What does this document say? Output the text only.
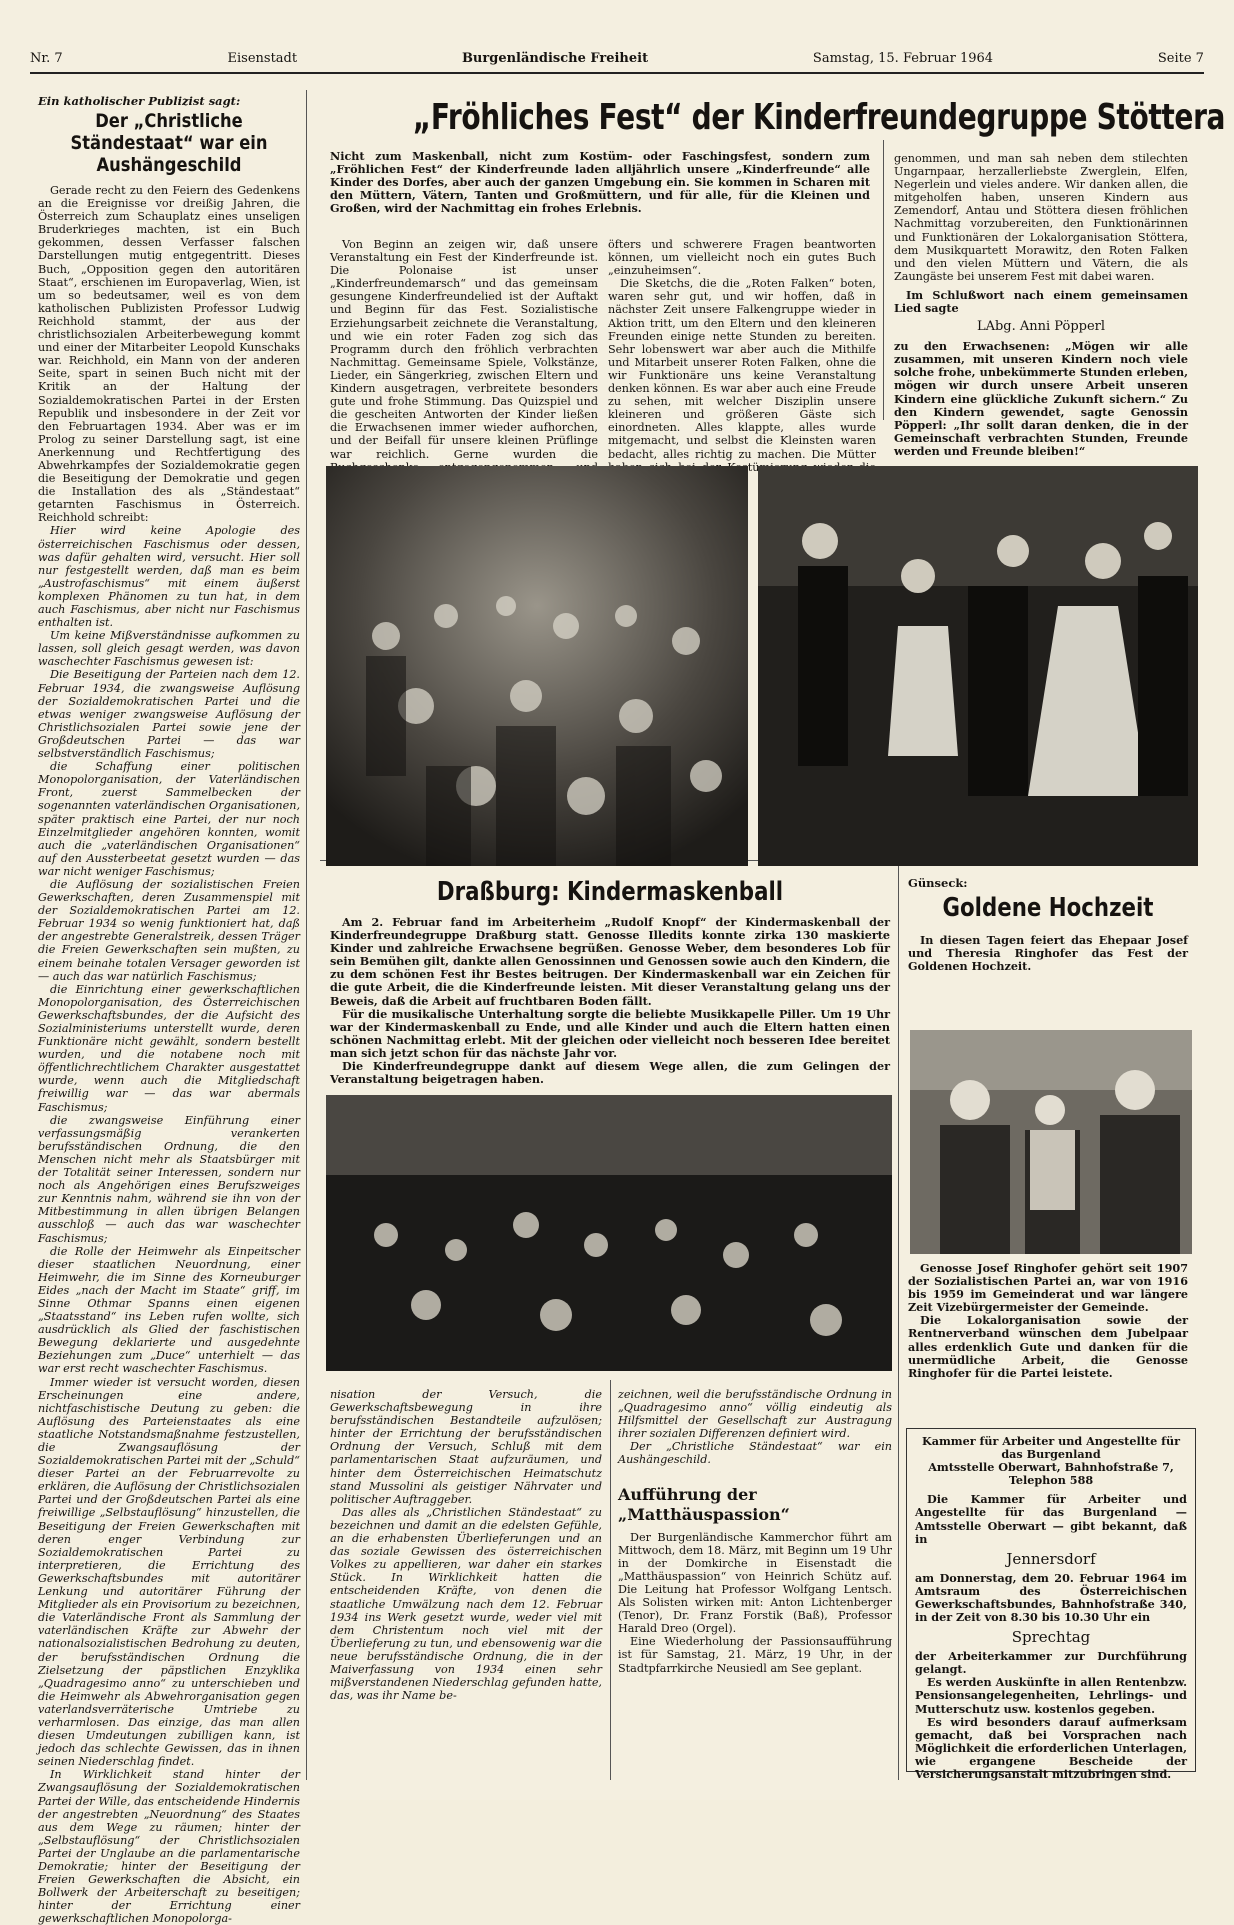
Nr. 7	Eisenstadt	Burgenländische Freiheit	Samstag, 15. Februar 1964	Seite 7

Ein katholischer Publizist sagt:

Der „Christliche Ständestaat“ war ein Aushängeschild

Gerade recht zu den Feiern des Gedenkens an die Ereignisse vor dreißig Jahren, die Österreich zum Schauplatz eines unseligen Bruderkrieges machten, ist ein Buch gekommen, dessen Verfasser falschen Darstellungen mutig entgegentritt. Dieses Buch, „Opposition gegen den autoritären Staat“, erschienen im Europaverlag, Wien, ist um so bedeutsamer, weil es von dem katholischen Publizisten Professor Ludwig Reichhold stammt, der aus der christlichsozialen Arbeiterbewegung kommt und einer der Mitarbeiter Leopold Kunschaks war. Reichhold, ein Mann von der anderen Seite, spart in seinen Buch nicht mit der Kritik an der Haltung der Sozialdemokratischen Partei in der Ersten Republik und insbesondere in der Zeit vor den Februartagen 1934. Aber was er im Prolog zu seiner Darstellung sagt, ist eine Anerkennung und Rechtfertigung des Abwehrkampfes der Sozialdemokratie gegen die Beseitigung der Demokratie und gegen die Installation des als „Ständestaat“ getarnten Faschismus in Österreich. Reichhold schreibt:

Hier wird keine Apologie des österreichischen Faschismus oder dessen, was dafür gehalten wird, versucht. Hier soll nur festgestellt werden, daß man es beim „Austrofaschismus“ mit einem äußerst komplexen Phänomen zu tun hat, in dem auch Faschismus, aber nicht nur Faschismus enthalten ist.

Um keine Mißverständnisse aufkommen zu lassen, soll gleich gesagt werden, was davon waschechter Faschismus gewesen ist:

Die Beseitigung der Parteien nach dem 12. Februar 1934, die zwangsweise Auflösung der Sozialdemokratischen Partei und die etwas weniger zwangsweise Auflösung der Christlichsozialen Partei sowie jene der Großdeutschen Partei — das war selbstverständlich Faschismus;

die Schaffung einer politischen Monopolorganisation, der Vaterländischen Front, zuerst Sammelbecken der sogenannten vaterländischen Organisationen, später praktisch eine Partei, der nur noch Einzelmitglieder angehören konnten, womit auch die „vaterländischen Organisationen“ auf den Aussterbeetat gesetzt wurden — das war nicht weniger Faschismus;

die Auflösung der sozialistischen Freien Gewerkschaften, deren Zusammenspiel mit der Sozialdemokratischen Partei am 12. Februar 1934 so wenig funktioniert hat, daß der angestrebte Generalstreik, dessen Träger die Freien Gewerkschaften sein mußten, zu einem beinahe totalen Versager geworden ist — auch das war natürlich Faschismus;

die Einrichtung einer gewerkschaftlichen Monopolorganisation, des Österreichischen Gewerkschaftsbundes, der die Aufsicht des Sozialministeriums unterstellt wurde, deren Funktionäre nicht gewählt, sondern bestellt wurden, und die notabene noch mit öffentlichrechtlichem Charakter ausgestattet wurde, wenn auch die Mitgliedschaft freiwillig war — das war abermals Faschismus;

die zwangsweise Einführung einer verfassungsmäßig verankerten berufsständischen Ordnung, die den Menschen nicht mehr als Staatsbürger mit der Totalität seiner Interessen, sondern nur noch als Angehörigen eines Berufszweiges zur Kenntnis nahm, während sie ihn von der Mitbestimmung in allen übrigen Belangen ausschloß — auch das war waschechter Faschismus;

die Rolle der Heimwehr als Einpeitscher dieser staatlichen Neuordnung, einer Heimwehr, die im Sinne des Korneuburger Eides „nach der Macht im Staate“ griff, im Sinne Othmar Spanns einen eigenen „Staatsstand“ ins Leben rufen wollte, sich ausdrücklich als Glied der faschistischen Bewegung deklarierte und ausgedehnte Beziehungen zum „Duce“ unterhielt — das war erst recht waschechter Faschismus.

Immer wieder ist versucht worden, diesen Erscheinungen eine andere, nichtfaschistische Deutung zu geben: die Auflösung des Parteienstaates als eine staatliche Notstandsmaßnahme festzustellen, die Zwangsauflösung der Sozialdemokratischen Partei mit der „Schuld“ dieser Partei an der Februarrevolte zu erklären, die Auflösung der Christlichsozialen Partei und der Großdeutschen Partei als eine freiwillige „Selbstauflösung“ hinzustellen, die Beseitigung der Freien Gewerkschaften mit deren enger Verbindung zur Sozialdemokratischen Partei zu interpretieren, die Errichtung des Gewerkschaftsbundes mit autoritärer Lenkung und autoritärer Führung der Mitglieder als ein Provisorium zu bezeichnen, die Vaterländische Front als Sammlung der vaterländischen Kräfte zur Abwehr der nationalsozialistischen Bedrohung zu deuten, der berufsständischen Ordnung die Zielsetzung der päpstlichen Enzyklika „Quadragesimo anno“ zu unterschieben und die Heimwehr als Abwehrorganisation gegen vaterlandsverräterische Umtriebe zu verharmlosen. Das einzige, das man allen diesen Umdeutungen zubilligen kann, ist jedoch das schlechte Gewissen, das in ihnen seinen Niederschlag findet.

In Wirklichkeit stand hinter der Zwangsauflösung der Sozialdemokratischen Partei der Wille, das entscheidende Hindernis der angestrebten „Neuordnung“ des Staates aus dem Wege zu räumen; hinter der „Selbstauflösung“ der Christlichsozialen Partei der Unglaube an die parlamentarische Demokratie; hinter der Beseitigung der Freien Gewerkschaften die Absicht, ein Bollwerk der Arbeiterschaft zu beseitigen; hinter der Errichtung einer gewerkschaftlichen Monopolorga-

„Fröhliches Fest“ der Kinderfreundegruppe Stöttera

Nicht zum Maskenball, nicht zum Kostüm- oder Faschingsfest, sondern zum „Fröhlichen Fest“ der Kinderfreunde laden alljährlich unsere „Kinderfreunde“ alle Kinder des Dorfes, aber auch der ganzen Umgebung ein. Sie kommen in Scharen mit den Müttern, Vätern, Tanten und Großmüttern, und für alle, für die Kleinen und Großen, wird der Nachmittag ein frohes Erlebnis.

Von Beginn an zeigen wir, daß unsere Veranstaltung ein Fest der Kinderfreunde ist. Die Polonaise ist unser „Kinderfreundemarsch“ und das gemeinsam gesungene Kinderfreundelied ist der Auftakt und Beginn für das Fest. Sozialistische Erziehungsarbeit zeichnete die Veranstaltung, und wie ein roter Faden zog sich das Programm durch den fröhlich verbrachten Nachmittag. Gemeinsame Spiele, Volkstänze, Lieder, ein Sängerkrieg, zwischen Eltern und Kindern ausgetragen, verbreitete besonders gute und frohe Stimmung. Das Quizspiel und die gescheiten Antworten der Kinder ließen die Erwachsenen immer wieder aufhorchen, und der Beifall für unsere kleinen Prüflinge war reichlich. Gerne wurden die

öfters und schwerere Fragen beantworten können, um vielleicht noch ein gutes Buch „einzuheimsen“.

Die Sketchs, die die „Roten Falken“ boten, waren sehr gut, und wir hoffen, daß in nächster Zeit unsere Falkengruppe wieder in Aktion tritt, um den Eltern und den kleineren Freunden einige nette Stunden zu bereiten. Sehr lobenswert war aber auch die Mithilfe und Mitarbeit unserer Roten Falken, ohne die wir Funktionäre uns keine Veranstaltung denken können. Es war aber auch eine Freude zu sehen, mit welcher Disziplin unsere kleineren und größeren Gäste sich einordneten. Alles klappte, alles wurde mitgemacht, und selbst die Kleinsten waren bedacht, alles richtig zu machen. Die Mütter

genommen, und man sah neben dem stilechten Ungarnpaar, herzallerliebste Zwerglein, Elfen, Negerlein und vieles andere. Wir danken allen, die mitgeholfen haben, unseren Kindern aus Zemendorf, Antau und Stöttera diesen fröhlichen Nachmittag vorzubereiten, den Funktionärinnen und Funktionären der Lokalorganisation Stöttera, dem Musikquartett Morawitz, den Roten Falken und den vielen Müttern und Vätern, die als Zaungäste bei unserem Fest mit dabei waren.

Im Schlußwort nach einem gemeinsamen Lied sagte

LAbg. Anni Pöpperl

zu den Erwachsenen: „Mögen wir alle zusammen, mit unseren Kindern noch viele solche frohe, unbekümmerte Stunden erleben, mögen wir durch unsere Arbeit unseren Kindern eine glückliche Zukunft sichern.“ Zu den Kindern gewendet, sagte Genossin Pöpperl: „Ihr sollt daran denken, die in der Gemeinschaft verbrachten Stunden, Freunde werden und Freunde bleiben!“

Draßburg: Kindermaskenball

Am 2. Februar fand im Arbeiterheim „Rudolf Knopf“ der Kindermaskenball der Kinderfreundegruppe Draßburg statt. Genosse Illedits konnte zirka 130 maskierte Kinder und zahlreiche Erwachsene begrüßen. Genosse Weber, dem besonderes Lob für sein Bemühen gilt, dankte allen Genossinnen und Genossen sowie auch den Kindern, die zu dem schönen Fest ihr Bestes beitrugen. Der Kindermaskenball war ein Zeichen für die gute Arbeit, die die Kinderfreunde leisten. Mit dieser Veranstaltung gelang uns der Beweis, daß die Arbeit auf fruchtbaren Boden fällt.

Für die musikalische Unterhaltung sorgte die beliebte Musikkapelle Piller. Um 19 Uhr war der Kindermaskenball zu Ende, und alle Kinder und auch die Eltern hatten einen schönen Nachmittag erlebt. Mit der gleichen oder vielleicht noch besseren Idee bereitet man sich jetzt schon für das nächste Jahr vor.

Die Kinderfreundegruppe dankt auf diesem Wege allen, die zum Gelingen der Veranstaltung beigetragen haben.

nisation der Versuch, die Gewerkschaftsbewegung in ihre berufsständischen Bestandteile aufzulösen; hinter der Errichtung der berufsständischen Ordnung der Versuch, Schluß mit dem parlamentarischen Staat aufzuräumen, und hinter dem Österreichischen Heimatschutz stand Mussolini als geistiger Nährvater und politischer Auftraggeber.

Das alles als „Christlichen Ständestaat“ zu bezeichnen und damit an die edelsten Gefühle, an die erhabensten Überlieferungen und an das soziale Gewissen des österreichischen Volkes zu appellieren, war daher ein starkes Stück. In Wirklichkeit hatten die entscheidenden Kräfte, von denen die staatliche Umwälzung nach dem 12. Februar 1934 ins Werk gesetzt wurde, weder viel mit dem Christentum noch viel mit der Überlieferung zu tun, und ebensowenig war die neue berufsständische Ordnung, die in der Maiverfassung von 1934 einen sehr mißverstandenen Niederschlag gefunden hatte, das, was ihr Name be-

zeichnen, weil die berufsständische Ordnung in „Quadragesimo anno“ völlig eindeutig als Hilfsmittel der Gesellschaft zur Austragung ihrer sozialen Differenzen definiert wird.

Der „Christliche Ständestaat“ war ein Aushängeschild.

Aufführung der „Matthäuspassion“

Der Burgenländische Kammerchor führt am Mittwoch, dem 18. März, mit Beginn um 19 Uhr in der Domkirche in Eisenstadt die „Matthäuspassion“ von Heinrich Schütz auf. Die Leitung hat Professor Wolfgang Lentsch. Als Solisten wirken mit: Anton Lichtenberger (Tenor), Dr. Franz Forstik (Baß), Professor Harald Dreo (Orgel).

Eine Wiederholung der Passionsaufführung ist für Samstag, 21. März, 19 Uhr, in der Stadtpfarrkirche Neusiedl am See geplant.

Günseck:

Goldene Hochzeit

In diesen Tagen feiert das Ehepaar Josef und Theresia Ringhofer das Fest der Goldenen Hochzeit.

Genosse Josef Ringhofer gehört seit 1907 der Sozialistischen Partei an, war von 1916 bis 1959 im Gemeinderat und war längere Zeit Vizebürgermeister der Gemeinde.

Die Lokalorganisation sowie der Rentnerverband wünschen dem Jubelpaar alles erdenklich Gute und danken für die unermüdliche Arbeit, die Genosse Ringhofer für die Partei leistete.

Kammer für Arbeiter und Angestellte für das Burgenland

Amtsstelle Oberwart, Bahnhofstraße 7, Telephon 588

Die Kammer für Arbeiter und Angestellte für das Burgenland — Amtsstelle Oberwart — gibt bekannt, daß in

Jennersdorf

am Donnerstag, dem 20. Februar 1964 im Amtsraum des Österreichischen Gewerkschaftsbundes, Bahnhofstraße 340, in der Zeit von 8.30 bis 10.30 Uhr ein

Sprechtag

der Arbeiterkammer zur Durchführung gelangt.

Es werden Auskünfte in allen Rentenbzw. Pensionsangelegenheiten, Lehrlings- und Mutterschutz usw. kostenlos gegeben.

Es wird besonders darauf aufmerksam gemacht, daß bei Vorsprachen nach Möglichkeit die erforderlichen Unterlagen, wie ergangene Bescheide der Versicherungsanstalt mitzubringen sind.
